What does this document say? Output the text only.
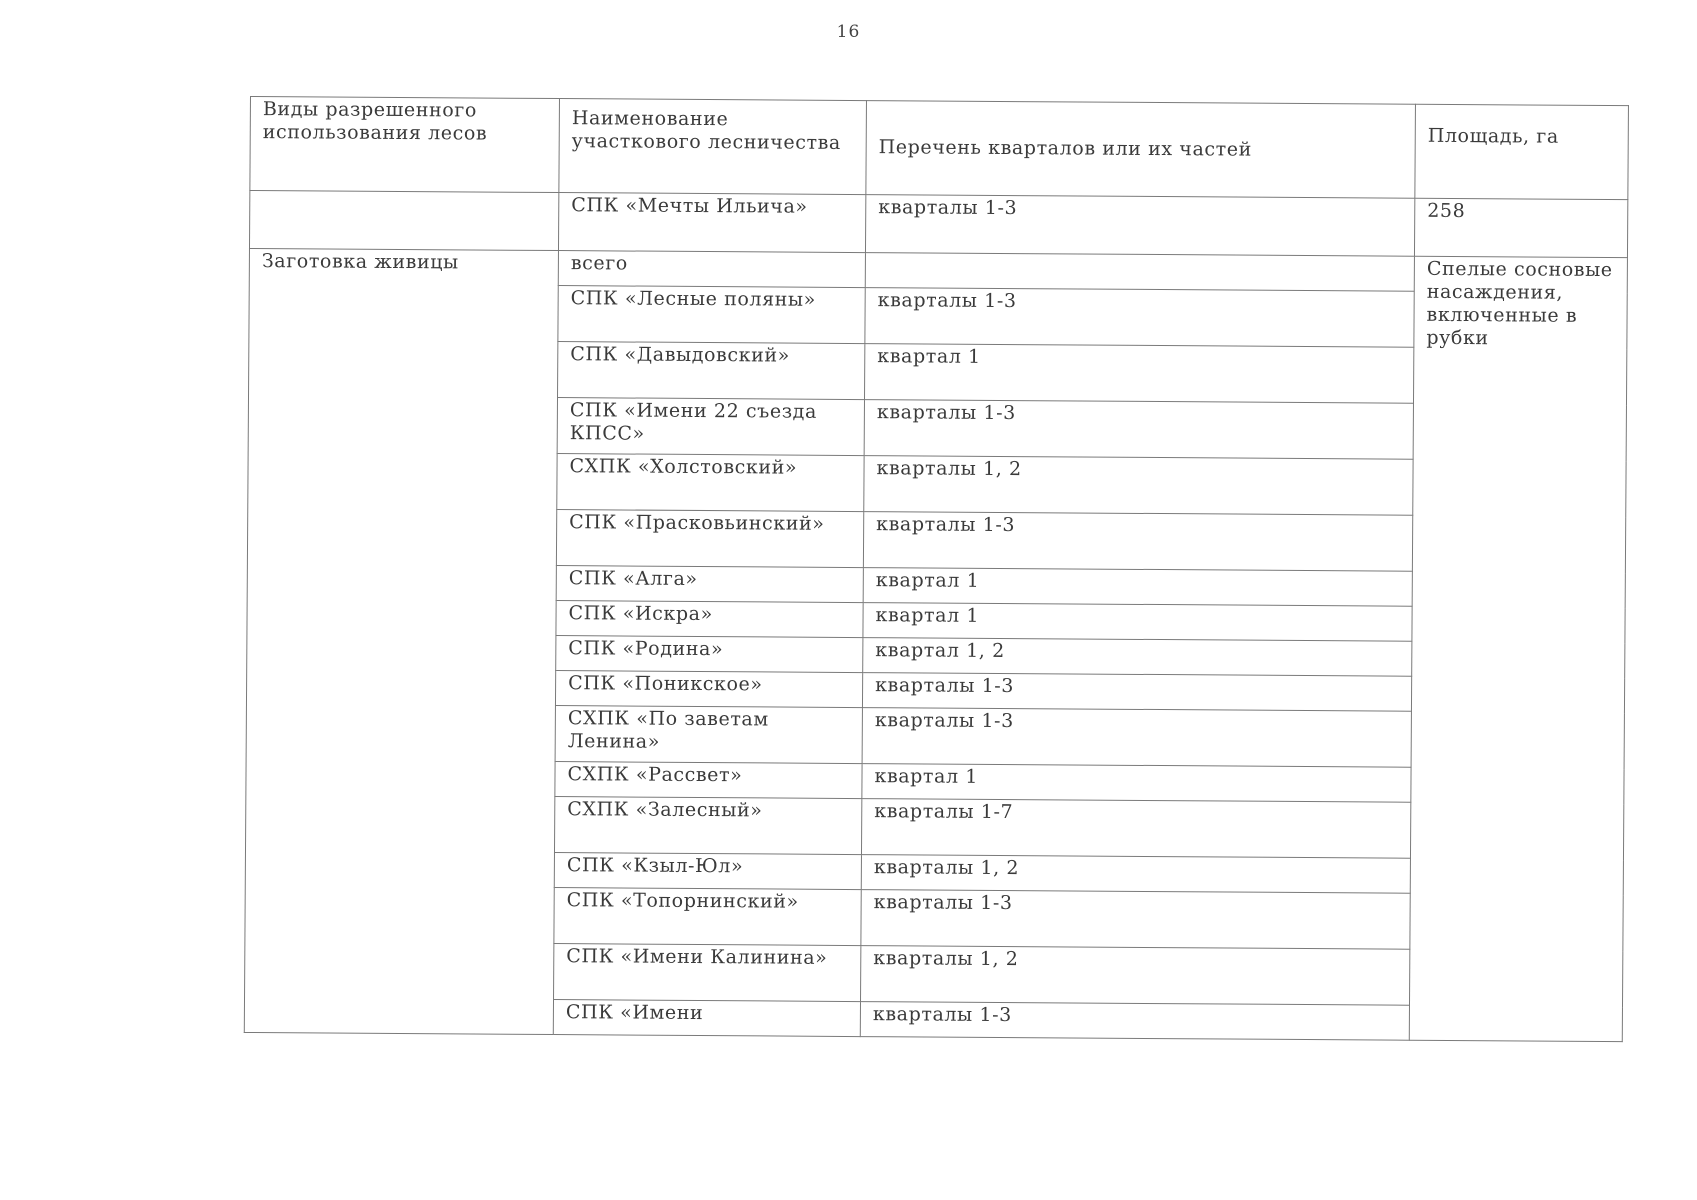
16
Виды разрешенного использования лесов	Наименование участкового лесничества	Перечень кварталов или их частей	Площадь, га
	СПК «Мечты Ильича»	кварталы 1-3	258
Заготовка живицы	всего		Спелые сосновые насаждения, включенные в рубки
	СПК «Лесные поляны»	кварталы 1-3	
	СПК «Давыдовский»	квартал 1	
	СПК «Имени 22 съезда КПСС»	кварталы 1-3	
	СХПК «Холстовский»	кварталы 1, 2	
	СПК «Прасковьинский»	кварталы 1-3	
	СПК «Алга»	квартал 1	
	СПК «Искра»	квартал 1	
	СПК «Родина»	квартал 1, 2	
	СПК «Поникское»	кварталы 1-3	
	СХПК «По заветам Ленина»	кварталы 1-3	
	СХПК «Рассвет»	квартал 1	
	СХПК «Залесный»	кварталы 1-7	
	СПК «Кзыл-Юл»	кварталы 1, 2	
	СПК «Топорнинский»	кварталы 1-3	
	СПК «Имени Калинина»	кварталы 1, 2	
	СПК «Имени	кварталы 1-3	
